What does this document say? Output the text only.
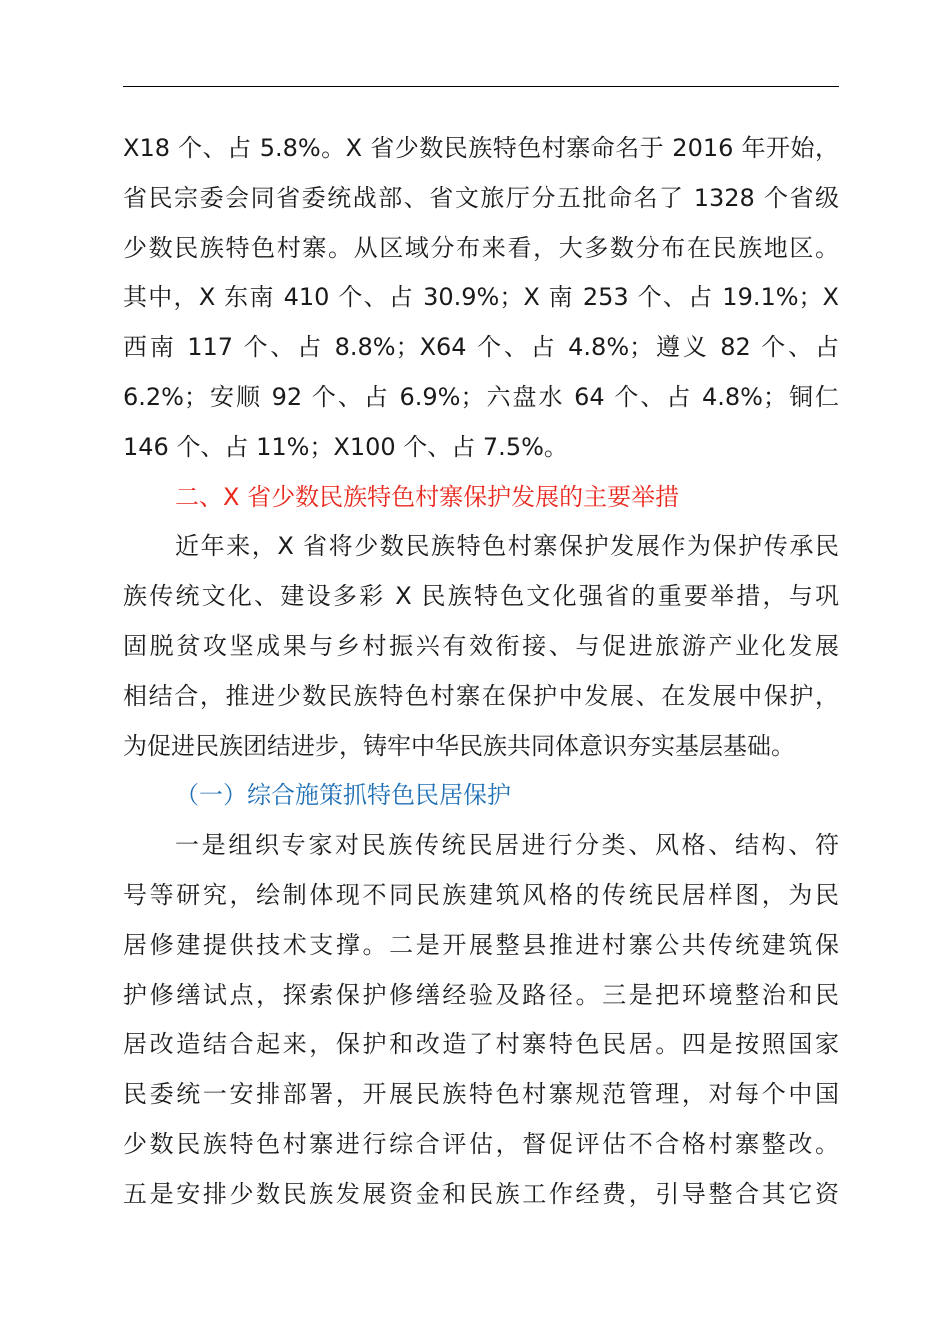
X18 个、占 5.8%。X 省少数民族特色村寨命名于 2016 年开始，
省民宗委会同省委统战部、省文旅厅分五批命名了 1328 个省级
少数民族特色村寨。从区域分布来看，大多数分布在民族地区。
其中，X 东南 410 个、占 30.9%；X 南 253 个、占 19.1%；X
西南 117 个、占 8.8%；X64 个、占 4.8%；遵义 82 个、占
6.2%；安顺 92 个、占 6.9%；六盘水 64 个、占 4.8%；铜仁
146 个、占 11%；X100 个、占 7.5%。
二、X 省少数民族特色村寨保护发展的主要举措
近年来，X 省将少数民族特色村寨保护发展作为保护传承民
族传统文化、建设多彩 X 民族特色文化强省的重要举措，与巩
固脱贫攻坚成果与乡村振兴有效衔接、与促进旅游产业化发展
相结合，推进少数民族特色村寨在保护中发展、在发展中保护，
为促进民族团结进步，铸牢中华民族共同体意识夯实基层基础。
（一）综合施策抓特色民居保护
一是组织专家对民族传统民居进行分类、风格、结构、符
号等研究，绘制体现不同民族建筑风格的传统民居样图，为民
居修建提供技术支撑。二是开展整县推进村寨公共传统建筑保
护修缮试点，探索保护修缮经验及路径。三是把环境整治和民
居改造结合起来，保护和改造了村寨特色民居。四是按照国家
民委统一安排部署，开展民族特色村寨规范管理，对每个中国
少数民族特色村寨进行综合评估，督促评估不合格村寨整改。
五是安排少数民族发展资金和民族工作经费，引导整合其它资
